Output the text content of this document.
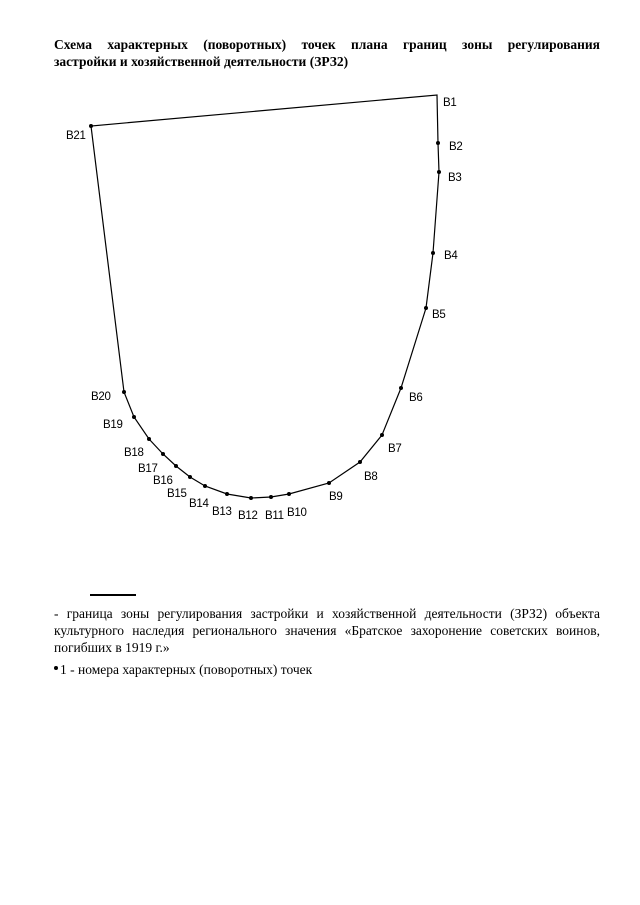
Схема характерных (поворотных) точек плана границ зоны регулирования
застройки и хозяйственной деятельности (ЗРЗ2)
В1
В2
В3
В4
В5
В6
В7
В8
В9
В10
В11
В12
В13
В14
В15
В16
В17
В18
В19
В20
В21
- граница зоны регулирования застройки и хозяйственной деятельности (ЗРЗ2) объекта культурного наследия регионального значения «Братское захоронение советских воинов, погибших в 1919 г.»
1 - номера характерных (поворотных) точек
